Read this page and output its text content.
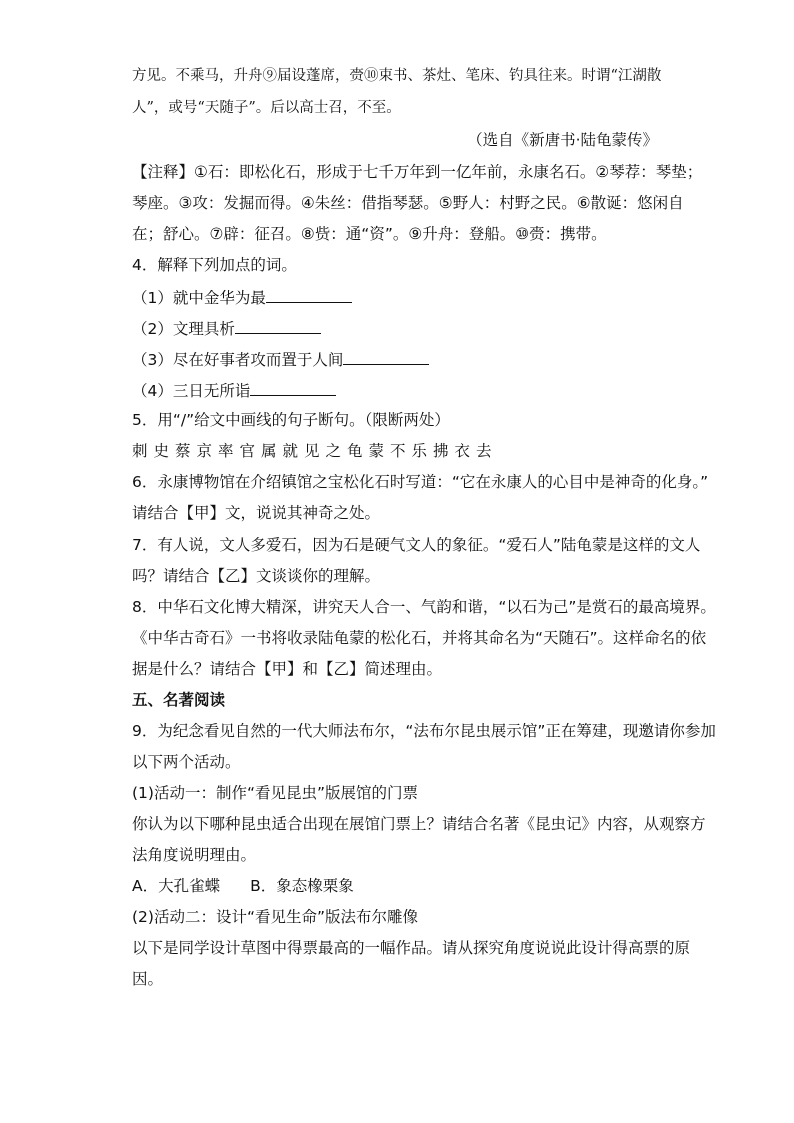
方见。不乘马，升舟⑨届设蓬席，赍⑩束书、茶灶、笔床、钓具往来。时谓“江湖散
人”，或号“天随子”。后以高士召，不至。
（选自《新唐书·陆龟蒙传》
【注释】①石：即松化石，形成于七千万年到一亿年前，永康名石。②琴荐：琴垫；
琴座。③攻：发掘而得。④朱丝：借指琴瑟。⑤野人：村野之民。⑥散诞：悠闲自
在；舒心。⑦辟：征召。⑧赀：通“资”。⑨升舟：登船。⑩赍：携带。
4．解释下列加点的词。
（1）就中金华为最
（2）文理具析
（3）尽在好事者攻而置于人间
（4）三日无所诣
5．用“/”给文中画线的句子断句。（限断两处）
刺史蔡京率官属就见之龟蒙不乐拂衣去
6．永康博物馆在介绍镇馆之宝松化石时写道：“它在永康人的心目中是神奇的化身。”
请结合【甲】文，说说其神奇之处。
7．有人说，文人多爱石，因为石是硬气文人的象征。“爱石人”陆龟蒙是这样的文人
吗？请结合【乙】文谈谈你的理解。
8．中华石文化博大精深，讲究天人合一、气韵和谐，“以石为己”是赏石的最高境界。
《中华古奇石》一书将收录陆龟蒙的松化石，并将其命名为“天随石”。这样命名的依
据是什么？请结合【甲】和【乙】简述理由。
五、名著阅读
9．为纪念看见自然的一代大师法布尔，“法布尔昆虫展示馆”正在筹建，现邀请你参加
以下两个活动。
(1)活动一：制作“看见昆虫”版展馆的门票
你认为以下哪种昆虫适合出现在展馆门票上？请结合名著《昆虫记》内容，从观察方
法角度说明理由。
A．大孔雀蝶 B．象态橡栗象
(2)活动二：设计“看见生命”版法布尔雕像
以下是同学设计草图中得票最高的一幅作品。请从探究角度说说此设计得高票的原
因。
